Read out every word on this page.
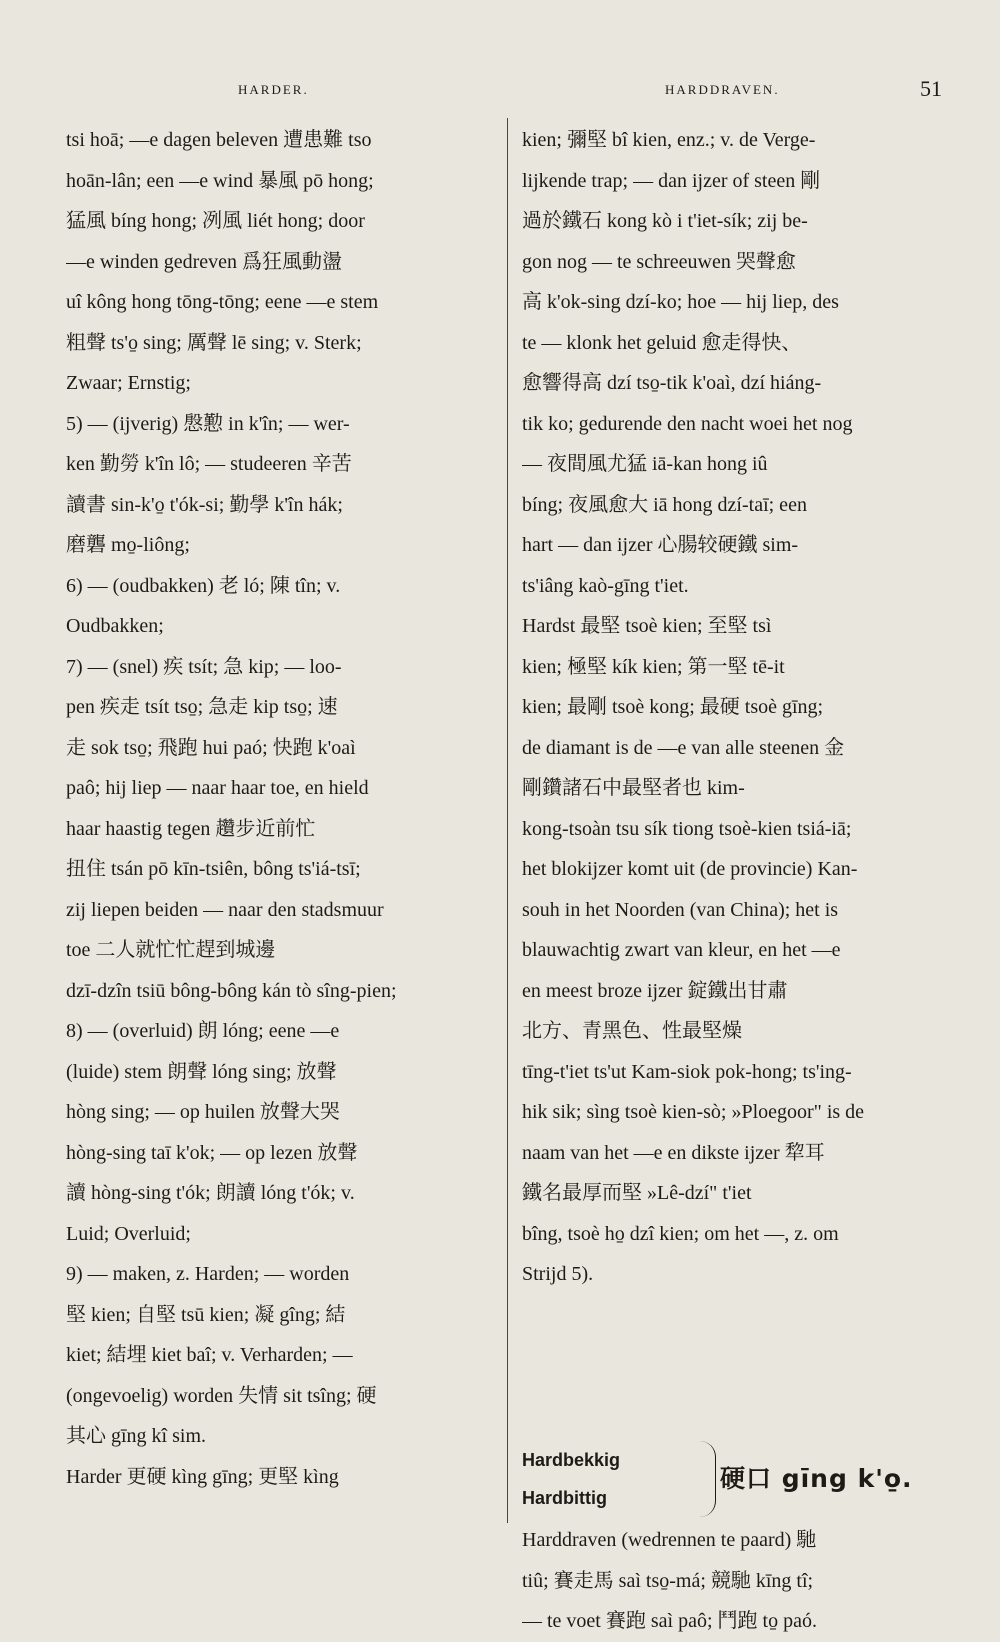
HARDER.	HARDDRAVEN.	51
tsi hoā; —e dagen beleven 遭患難 tso
hoān-lân; een —e wind 暴風 pō hong;
猛風 bíng hong; 冽風 liét hong; door
—e winden gedreven 爲狂風動盪
uî kông hong tōng-tōng; eene —e stem
粗聲 ts'o̱ sing; 厲聲 lē sing; v. Sterk;
Zwaar; Ernstig;
5) — (ijverig) 慇懃 in k'în; — wer-
ken 勤勞 k'în lô; — studeeren 辛苦
讀書 sin-k'o̱ t'ók-si; 勤學 k'în hák;
磨礱 mo̱-liông;
6) — (oudbakken) 老 ló; 陳 tîn; v.
Oudbakken;
7) — (snel) 疾 tsít; 急 kip; — loo-
pen 疾走 tsít tso̱; 急走 kip tso̱; 速
走 sok tso̱; 飛跑 hui paó; 快跑 k'oaì
paô; hij liep — naar haar toe, en hield
haar haastig tegen 趲步近前忙
扭住 tsán pō kīn-tsiên, bông ts'iá-tsī;
zij liepen beiden — naar den stadsmuur
toe 二人就忙忙趕到城邊
dzī-dzîn tsiū bông-bông kán tò sîng-pien;
8) — (overluid) 朗 lóng; eene —e
(luide) stem 朗聲 lóng sing; 放聲
hòng sing; — op huilen 放聲大哭
hòng-sing taī k'ok; — op lezen 放聲
讀 hòng-sing t'ók; 朗讀 lóng t'ók; v.
Luid; Overluid;
9) — maken, z. Harden; — worden
堅 kien; 自堅 tsū kien; 凝 gîng; 結
kiet; 結埋 kiet baî; v. Verharden; —
(ongevoelig) worden 失情 sit tsîng; 硬
其心 gīng kî sim.
Harder 更硬 kìng gīng; 更堅 kìng
kien; 彌堅 bî kien, enz.; v. de Verge-
lijkende trap; — dan ijzer of steen 剛
過於鐵石 kong kò i t'iet-sík; zij be-
gon nog — te schreeuwen 哭聲愈
高 k'ok-sing dzí-ko; hoe — hij liep, des
te — klonk het geluid 愈走得快、
愈響得高 dzí tso̱-tik k'oaì, dzí hiáng-
tik ko; gedurende den nacht woei het nog
— 夜間風尤猛 iā-kan hong iû
bíng; 夜風愈大 iā hong dzí-taī; een
hart — dan ijzer 心腸较硬鐵 sim-
ts'iâng kaò-gīng t'iet.
Hardst 最堅 tsoè kien; 至堅 tsì
kien; 極堅 kík kien; 第一堅 tē-it
kien; 最剛 tsoè kong; 最硬 tsoè gīng;
de diamant is de —e van alle steenen 金
剛鑽諸石中最堅者也 kim-
kong-tsoàn tsu sík tiong tsoè-kien tsiá-iā;
het blokijzer komt uit (de provincie) Kan-
souh in het Noorden (van China); het is
blauwachtig zwart van kleur, en het —e
en meest broze ijzer 錠鐵出甘肅
北方、青黑色、性最堅燥
tīng-t'iet ts'ut Kam-siok pok-hong; ts'ing-
hik sik; sìng tsoè kien-sò; »Ploegoor" is de
naam van het —e en dikste ijzer 犂耳
鐵名最厚而堅 »Lê-dzí" t'iet
bîng, tsoè ho̱ dzî kien; om het —, z. om
Strijd 5).
Hardbekkig
Hardbittig
硬口 gīng k'o̱.
Harddraven (wedrennen te paard) 馳
tiû; 賽走馬 saì tso̱-má; 競馳 kīng tî;
— te voet 賽跑 saì paô; 鬥跑 to̱ paó.
